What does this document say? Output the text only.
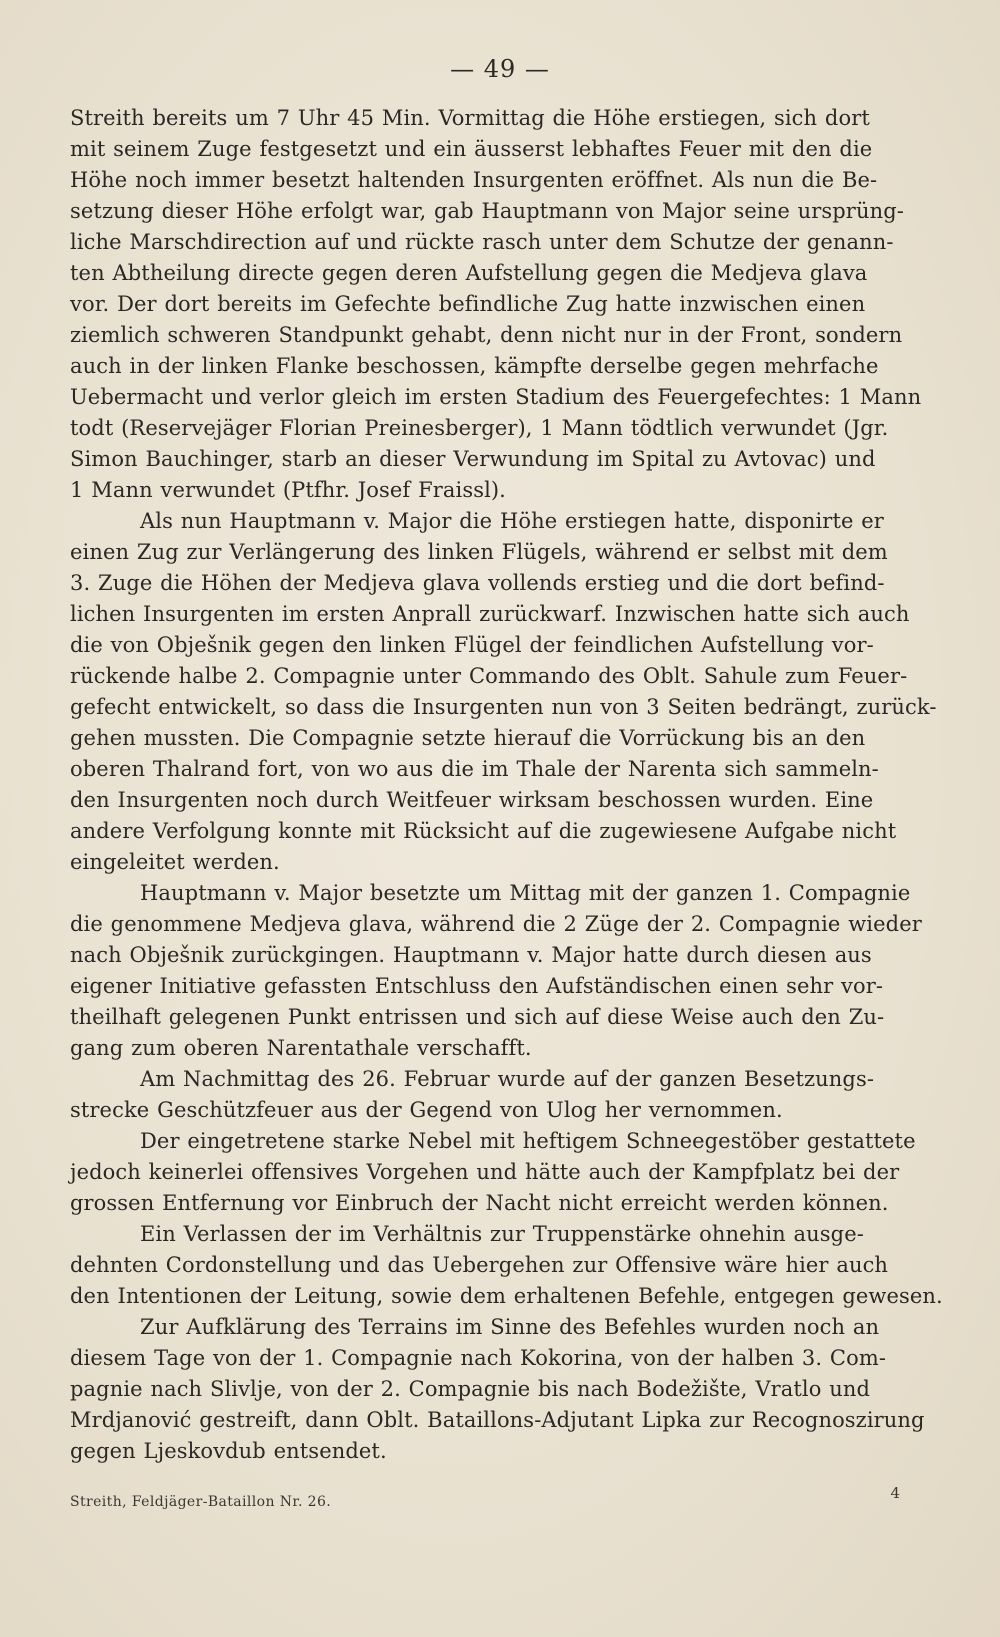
— 49 —
Streith bereits um 7 Uhr 45 Min. Vormittag die Höhe erstiegen, sich dort
mit seinem Zuge festgesetzt und ein äusserst lebhaftes Feuer mit den die
Höhe noch immer besetzt haltenden Insurgenten eröffnet. Als nun die Be-
setzung dieser Höhe erfolgt war, gab Hauptmann von Major seine ursprüng-
liche Marschdirection auf und rückte rasch unter dem Schutze der genann-
ten Abtheilung directe gegen deren Aufstellung gegen die Medjeva glava
vor. Der dort bereits im Gefechte befindliche Zug hatte inzwischen einen
ziemlich schweren Standpunkt gehabt, denn nicht nur in der Front, sondern
auch in der linken Flanke beschossen, kämpfte derselbe gegen mehrfache
Uebermacht und verlor gleich im ersten Stadium des Feuergefechtes: 1 Mann
todt (Reservejäger Florian Preinesberger), 1 Mann tödtlich verwundet (Jgr.
Simon Bauchinger, starb an dieser Verwundung im Spital zu Avtovac) und
1 Mann verwundet (Ptfhr. Josef Fraissl).
Als nun Hauptmann v. Major die Höhe erstiegen hatte, disponirte er
einen Zug zur Verlängerung des linken Flügels, während er selbst mit dem
3. Zuge die Höhen der Medjeva glava vollends erstieg und die dort befind-
lichen Insurgenten im ersten Anprall zurückwarf. Inzwischen hatte sich auch
die von Obješnik gegen den linken Flügel der feindlichen Aufstellung vor-
rückende halbe 2. Compagnie unter Commando des Oblt. Sahule zum Feuer-
gefecht entwickelt, so dass die Insurgenten nun von 3 Seiten bedrängt, zurück-
gehen mussten. Die Compagnie setzte hierauf die Vorrückung bis an den
oberen Thalrand fort, von wo aus die im Thale der Narenta sich sammeln-
den Insurgenten noch durch Weitfeuer wirksam beschossen wurden. Eine
andere Verfolgung konnte mit Rücksicht auf die zugewiesene Aufgabe nicht
eingeleitet werden.
Hauptmann v. Major besetzte um Mittag mit der ganzen 1. Compagnie
die genommene Medjeva glava, während die 2 Züge der 2. Compagnie wieder
nach Obješnik zurückgingen. Hauptmann v. Major hatte durch diesen aus
eigener Initiative gefassten Entschluss den Aufständischen einen sehr vor-
theilhaft gelegenen Punkt entrissen und sich auf diese Weise auch den Zu-
gang zum oberen Narentathale verschafft.
Am Nachmittag des 26. Februar wurde auf der ganzen Besetzungs-
strecke Geschützfeuer aus der Gegend von Ulog her vernommen.
Der eingetretene starke Nebel mit heftigem Schneegestöber gestattete
jedoch keinerlei offensives Vorgehen und hätte auch der Kampfplatz bei der
grossen Entfernung vor Einbruch der Nacht nicht erreicht werden können.
Ein Verlassen der im Verhältnis zur Truppenstärke ohnehin ausge-
dehnten Cordonstellung und das Uebergehen zur Offensive wäre hier auch
den Intentionen der Leitung, sowie dem erhaltenen Befehle, entgegen gewesen.
Zur Aufklärung des Terrains im Sinne des Befehles wurden noch an
diesem Tage von der 1. Compagnie nach Kokorina, von der halben 3. Com-
pagnie nach Slivlje, von der 2. Compagnie bis nach Bodežište, Vratlo und
Mrdjanović gestreift, dann Oblt. Bataillons-Adjutant Lipka zur Recognoszirung
gegen Ljeskovdub entsendet.
Streith, Feldjäger-Bataillon Nr. 26.	4
